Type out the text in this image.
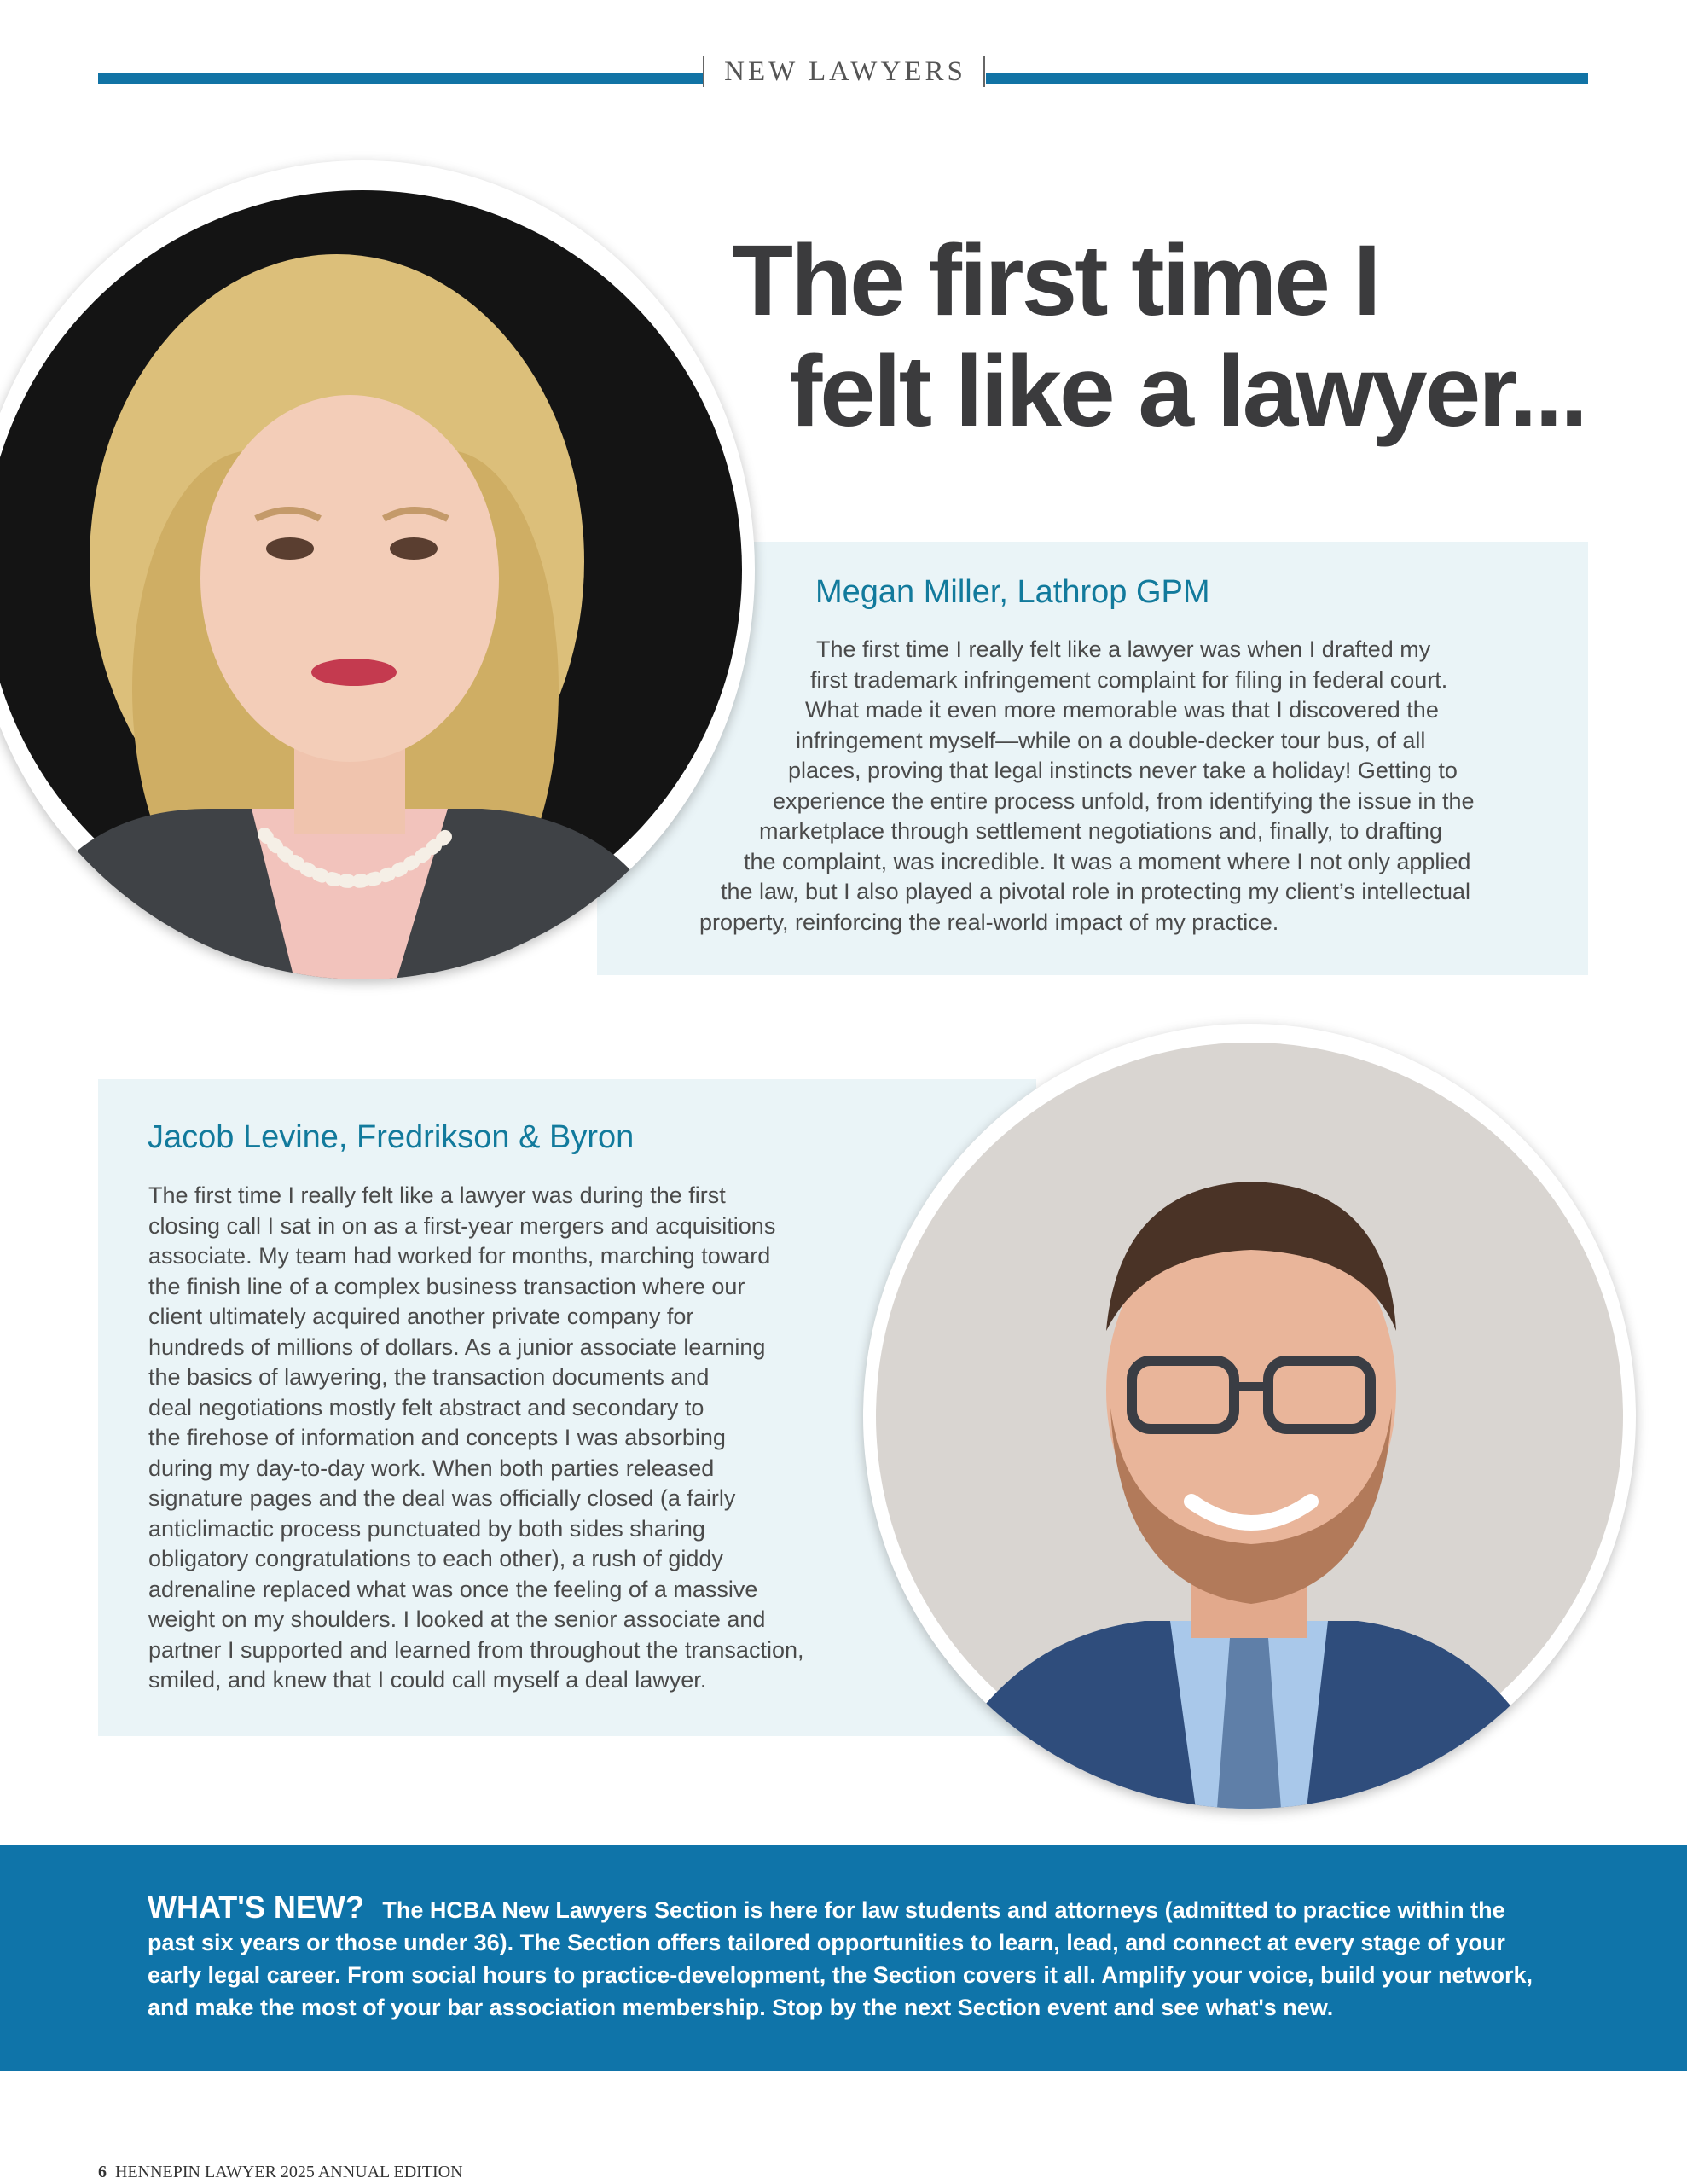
NEW LAWYERS
The first time I
felt like a lawyer...
Megan Miller, Lathrop GPM
The first time I really felt like a lawyer was when I drafted my
first trademark infringement complaint for filing in federal court.
What made it even more memorable was that I discovered the
infringement myself—while on a double-decker tour bus, of all
places, proving that legal instincts never take a holiday! Getting to
experience the entire process unfold, from identifying the issue in the
marketplace through settlement negotiations and, finally, to drafting
the complaint, was incredible. It was a moment where I not only applied
the law, but I also played a pivotal role in protecting my client’s intellectual
property, reinforcing the real-world impact of my practice.
Jacob Levine, Fredrikson & Byron
The first time I really felt like a lawyer was during the first
closing call I sat in on as a first-year mergers and acquisitions
associate. My team had worked for months, marching toward
the finish line of a complex business transaction where our
client ultimately acquired another private company for
hundreds of millions of dollars. As a junior associate learning
the basics of lawyering, the transaction documents and
deal negotiations mostly felt abstract and secondary to
the firehose of information and concepts I was absorbing
during my day-to-day work. When both parties released
signature pages and the deal was officially closed (a fairly
anticlimactic process punctuated by both sides sharing
obligatory congratulations to each other), a rush of giddy
adrenaline replaced what was once the feeling of a massive
weight on my shoulders. I looked at the senior associate and
partner I supported and learned from throughout the transaction,
smiled, and knew that I could call myself a deal lawyer.
WHAT'S NEW? The HCBA New Lawyers Section is here for law students and attorneys (admitted to practice within the
past six years or those under 36). The Section offers tailored opportunities to learn, lead, and connect at every stage of your
early legal career. From social hours to practice-development, the Section covers it all. Amplify your voice, build your network,
and make the most of your bar association membership. Stop by the next Section event and see what's new.
6 HENNEPIN LAWYER 2025 ANNUAL EDITION
